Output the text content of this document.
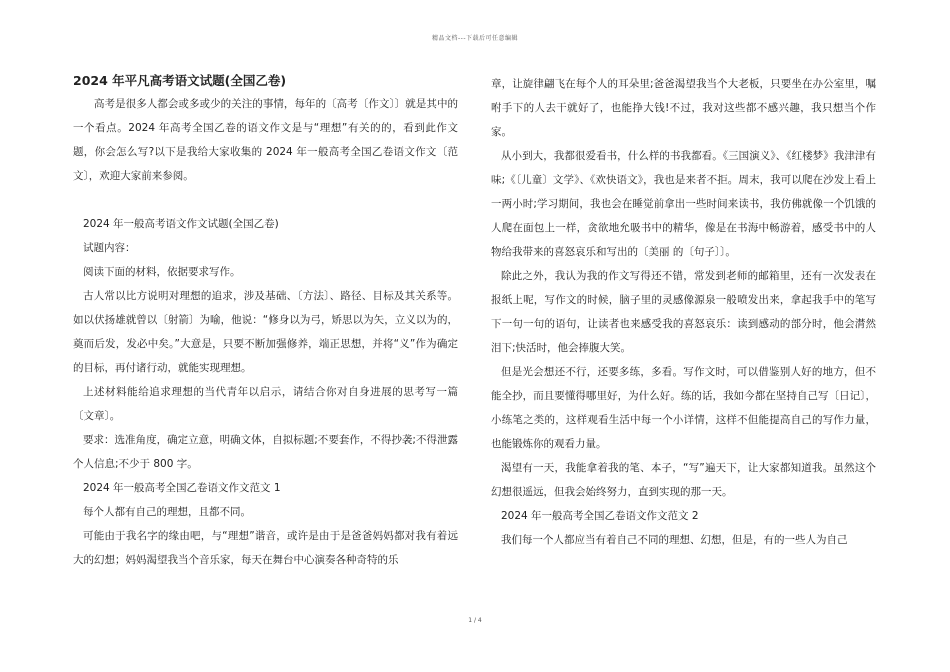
精品文档---下载后可任意编辑

2024 年平凡高考语文试题(全国乙卷)

高考是很多人都会或多或少的关注的事情，每年的〔高考〔作文〕〕就是其中的一个看点。2024 年高考全国乙卷的语文作文是与“理想”有关的的，看到此作文题，你会怎么写?以下是我给大家收集的 2024 年一般高考全国乙卷语文作文〔范文〕，欢迎大家前来参阅。

2024 年一般高考语文作文试题(全国乙卷)

试题内容：

阅读下面的材料，依据要求写作。

古人常以比方说明对理想的追求，涉及基础、〔方法〕、路径、目标及其关系等。如以伏扬雄就曾以〔射箭〕为喻，他说：“修身以为弓，矫思以为矢，立义以为的，奠而后发，发必中矣。”大意是，只要不断加强修养，端正思想，并将“义”作为确定的目标，再付诸行动，就能实现理想。

上述材料能给追求理想的当代青年以启示，请结合你对自身进展的思考写一篇〔文章〕。

要求：选准角度，确定立意，明确文体，自拟标题;不要套作，不得抄袭;不得泄露个人信息;不少于 800 字。

2024 年一般高考全国乙卷语文作文范文 1

每个人都有自己的理想，且都不同。

可能由于我名字的缘由吧，与“理想”谐音，或许是由于是爸爸妈妈都对我有着远大的幻想；妈妈渴望我当个音乐家，每天在舞台中心演奏各种奇特的乐

章，让旋律翩飞在每个人的耳朵里;爸爸渴望我当个大老板，只要坐在办公室里，嘱咐手下的人去干就好了，也能挣大钱!不过，我对这些都不感兴趣，我只想当个作家。

从小到大，我都很爱看书，什么样的书我都看。《三国演义》、《红楼梦》我津津有味;《〔儿童〕文学》、《欢快语文》，我也是来者不拒。周末，我可以爬在沙发上看上一两小时;学习期间，我也会在睡觉前拿出一些时间来读书，我仿佛就像一个饥饿的人爬在面包上一样，贪欲地允吸书中的精华，像是在书海中畅游着，感受书中的人物给我带来的喜怒哀乐和写出的〔美丽 的〔句子〕〕。

除此之外，我认为我的作文写得还不错，常发到老师的邮箱里，还有一次发表在报纸上呢，写作文的时候，脑子里的灵感像源泉一般喷发出来，拿起我手中的笔写下一句一句的语句，让读者也来感受我的喜怒哀乐：读到感动的部分时，他会潸然泪下;快活时，他会捧腹大笑。

但是光会想还不行，还要多练，多看。写作文时，可以借鉴别人好的地方，但不能全抄，而且要懂得哪里好，为什么好。练的话，我如今都在坚持自己写〔日记〕，小练笔之类的，这样观看生活中每一个小详情，这样不但能提高自己的写作力量，也能锻炼你的观看力量。

渴望有一天，我能拿着我的笔、本子，“写”遍天下，让大家都知道我。虽然这个幻想很遥远，但我会始终努力，直到实现的那一天。

2024 年一般高考全国乙卷语文作文范文 2

我们每一个人都应当有着自己不同的理想、幻想，但是，有的一些人为自己

1 / 4
